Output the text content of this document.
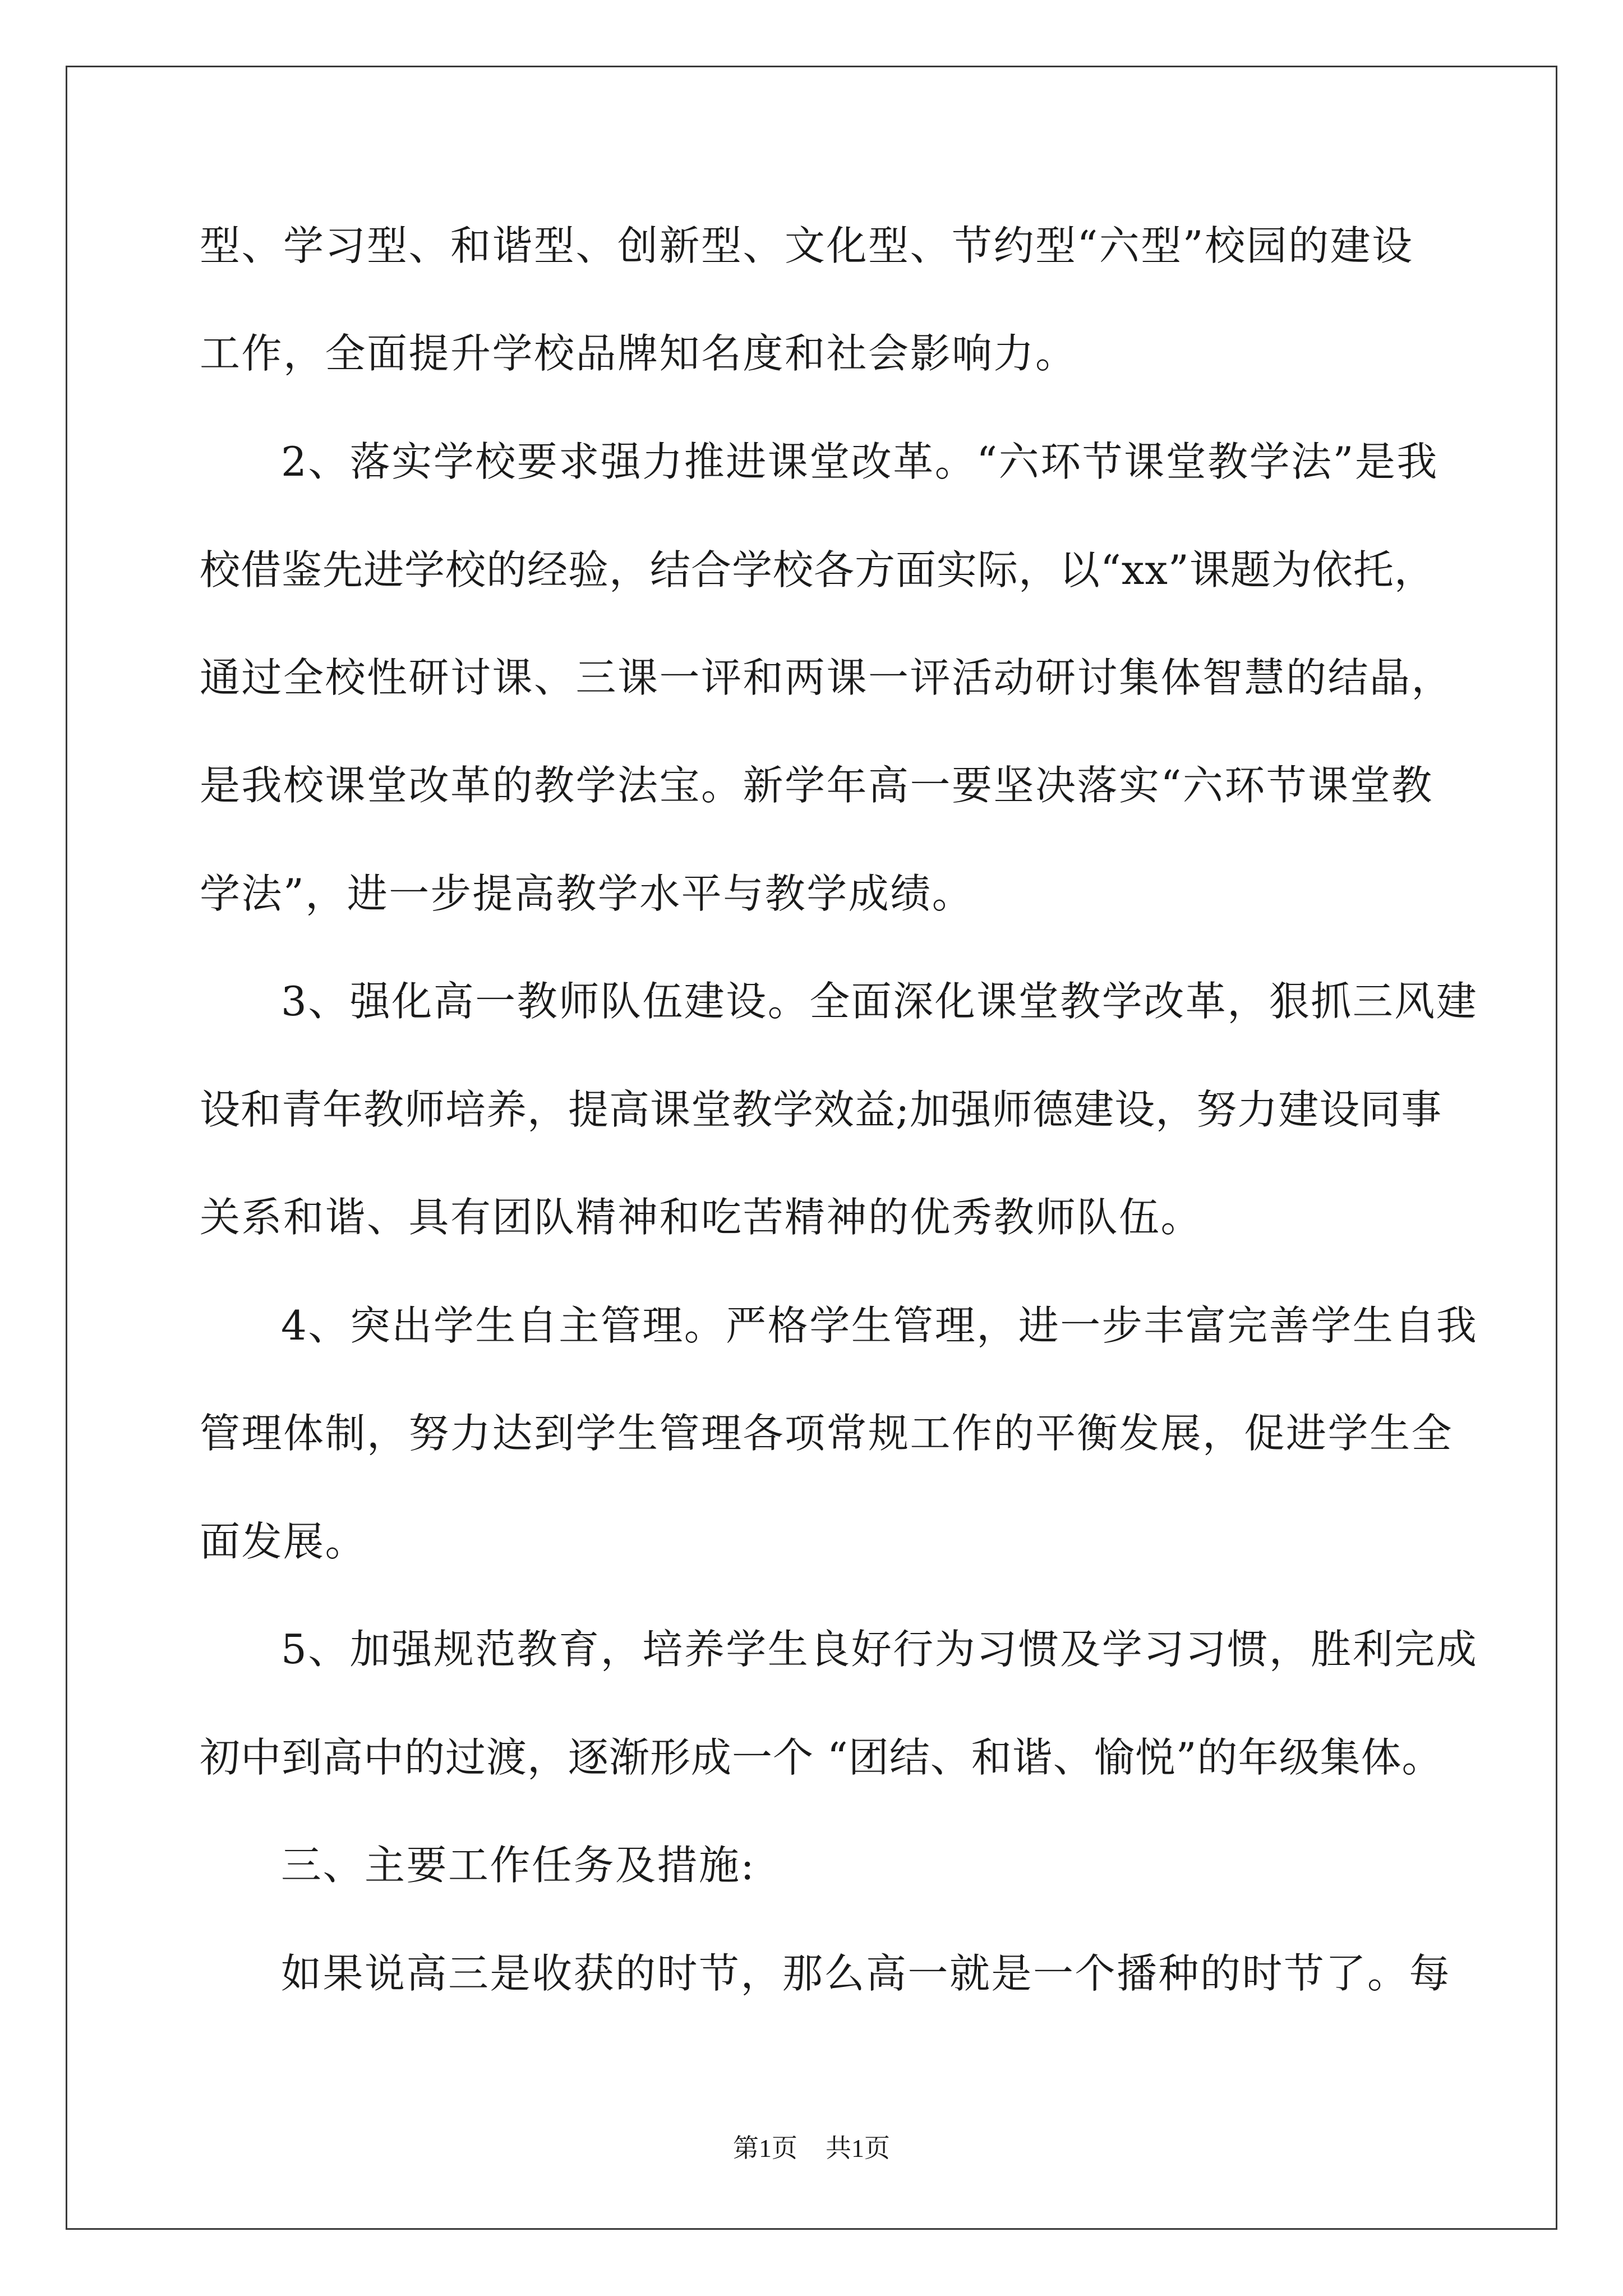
型、学习型、和谐型、创新型、文化型、节约型“六型”校园的建设
工作，全面提升学校品牌知名度和社会影响力。
2、落实学校要求强力推进课堂改革。“六环节课堂教学法”是我
校借鉴先进学校的经验，结合学校各方面实际，以“xx”课题为依托，
通过全校性研讨课、三课一评和两课一评活动研讨集体智慧的结晶，
是我校课堂改革的教学法宝。新学年高一要坚决落实“六环节课堂教
学法”，进一步提高教学水平与教学成绩。
3、强化高一教师队伍建设。全面深化课堂教学改革，狠抓三风建
设和青年教师培养，提高课堂教学效益;加强师德建设，努力建设同事
关系和谐、具有团队精神和吃苦精神的优秀教师队伍。
4、突出学生自主管理。严格学生管理，进一步丰富完善学生自我
管理体制，努力达到学生管理各项常规工作的平衡发展，促进学生全
面发展。
5、加强规范教育，培养学生良好行为习惯及学习习惯，胜利完成
初中到高中的过渡，逐渐形成一个 “团结、和谐、愉悦”的年级集体。
三、主要工作任务及措施:
如果说高三是收获的时节，那么高一就是一个播种的时节了。每
第1页 共1页
